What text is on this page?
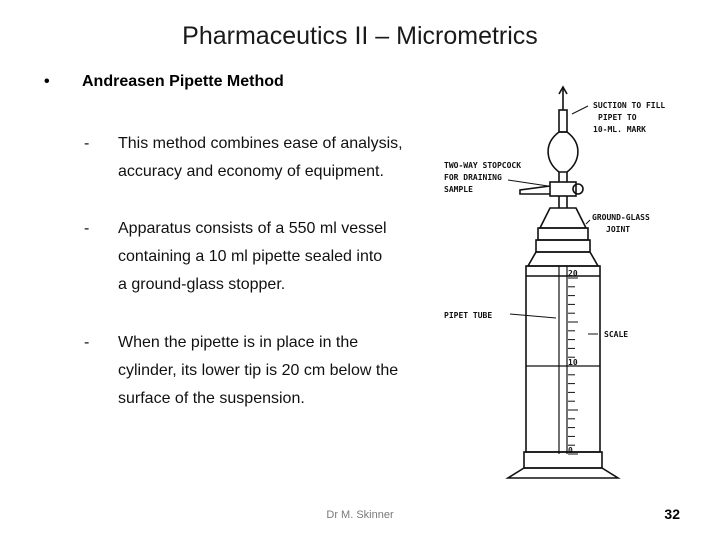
Pharmaceutics II – Micrometrics
• Andreasen Pipette Method
- This method combines ease of analysis,
accuracy and economy of equipment.
- Apparatus consists of a 550 ml vessel
containing a 10 ml pipette sealed into
a ground-glass stopper.
- When the pipette is in place in the
cylinder, its lower tip is 20 cm below the
surface of the suspension.
SUCTION TO FILL
PIPET TO
10-ML. MARK
TWO-WAY STOPCOCK
FOR DRAINING
SAMPLE
GROUND-GLASS
JOINT
PIPET TUBE
SCALE
20
10
0
Dr M. Skinner	32
